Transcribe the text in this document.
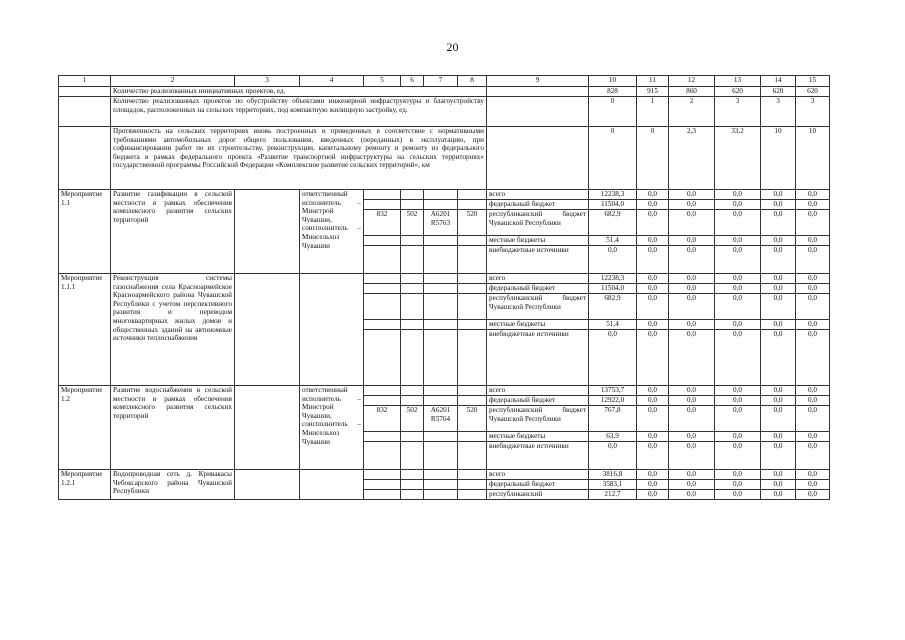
20
1	2	3	4	5	6	7	8	9	10	11	12	13	14	15
	Количество реализованных инициативных проектов, ед.								828	915	860	620	620	620
	Количество реализованных проектов по обустройству объектами инженерной инфраструктуры и благоустройству площадок, расположенных на сельских территориях, под компактную жилищную застройку, ед.								0	1	2	3	3	3
	Протяженность на сельских территориях вновь построенных и приведенных в соответствие с нормативными требованиями автомобильных дорог общего пользования, введенных (переданных) в эксплуатацию, при софинансировании работ по их строительству, реконструкции, капитальному ремонту и ремонту из федерального бюджета в рамках федерального проекта «Развитие транспортной инфраструктуры на сельских территориях» государственной программы Российской Федерации «Комплексное развитие сельских территорий», км								0	0	2,3	33,2	10	10
Мероприятие 1.1	Развитие газификации в сельской местности в рамках обеспечения комплексного развития сельских территорий		ответственный исполнитель – Минстрой Чувашии, соисполнитель – Минсельхоз Чувашии					всего	12238,3	0,0	0,0	0,0	0,0	0,0
								федеральный бюджет	11504,0	0,0	0,0	0,0	0,0	0,0
				832	502	A6201 R5763	520	республиканский бюджет Чувашской Республики	682,9	0,0	0,0	0,0	0,0	0,0
								местные бюджеты	51,4	0,0	0,0	0,0	0,0	0,0
								внебюджетные источники	0,0	0,0	0,0	0,0	0,0	0,0
Мероприятие 1.1.1	Реконструкция системы газоснабжения села Красноармейское Красноармейского района Чувашской Республики с учетом перспективного развития и переводом многоквартирных жилых домов и общественных зданий на автономные источники теплоснабжения							всего	12238,3	0,0	0,0	0,0	0,0	0,0
								федеральный бюджет	11504,0	0,0	0,0	0,0	0,0	0,0
								республиканский бюджет Чувашской Республики	682,9	0,0	0,0	0,0	0,0	0,0
								местные бюджеты	51,4	0,0	0,0	0,0	0,0	0,0
								внебюджетные источники	0,0	0,0	0,0	0,0	0,0	0,0
Мероприятие 1.2	Развитие водоснабжения в сельской местности в рамках обеспечения комплексного развития сельских территорий		ответственный исполнитель – Минстрой Чувашии, соисполнитель – Минсельхоз Чувашии					всего	13753,7	0,0	0,0	0,0	0,0	0,0
								федеральный бюджет	12922,0	0,0	0,0	0,0	0,0	0,0
				832	502	A6201 R5764	520	республиканский бюджет Чувашской Республики	767,8	0,0	0,0	0,0	0,0	0,0
								местные бюджеты	63,9	0,0	0,0	0,0	0,0	0,0
								внебюджетные источники	0,0	0,0	0,0	0,0	0,0	0,0
Мероприятие 1.2.1	Водопроводная сеть д. Кривакасы Чебоксарского района Чувашской Республики							всего	3816,8	0,0	0,0	0,0	0,0	0,0
								федеральный бюджет	3583,1	0,0	0,0	0,0	0,0	0,0
								республиканский	212,7	0,0	0,0	0,0	0,0	0,0
